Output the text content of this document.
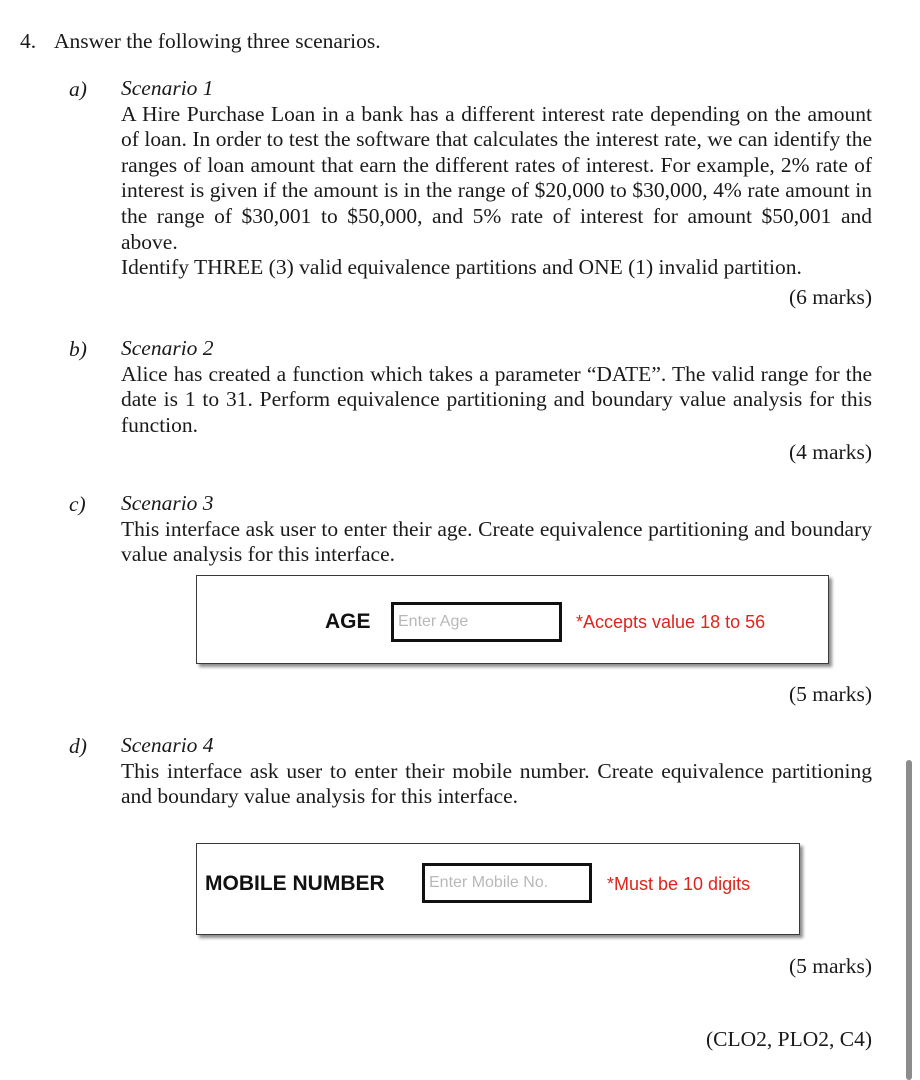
4. Answer the following three scenarios.
a) Scenario 1
A Hire Purchase Loan in a bank has a different interest rate depending on the amount of loan. In order to test the software that calculates the interest rate, we can identify the ranges of loan amount that earn the different rates of interest. For example, 2% rate of interest is given if the amount is in the range of $20,000 to $30,000, 4% rate amount in the range of $30,001 to $50,000, and 5% rate of interest for amount $50,001 and above.
Identify THREE (3) valid equivalence partitions and ONE (1) invalid partition.
(6 marks)
b) Scenario 2
Alice has created a function which takes a parameter “DATE”. The valid range for the date is 1 to 31. Perform equivalence partitioning and boundary value analysis for this function.
(4 marks)
c) Scenario 3
This interface ask user to enter their age. Create equivalence partitioning and boundary value analysis for this interface.
AGE	Enter Age	*Accepts value 18 to 56
(5 marks)
d) Scenario 4
This interface ask user to enter their mobile number. Create equivalence partitioning and boundary value analysis for this interface.
MOBILE NUMBER	Enter Mobile No.	*Must be 10 digits
(5 marks)
(CLO2, PLO2, C4)
